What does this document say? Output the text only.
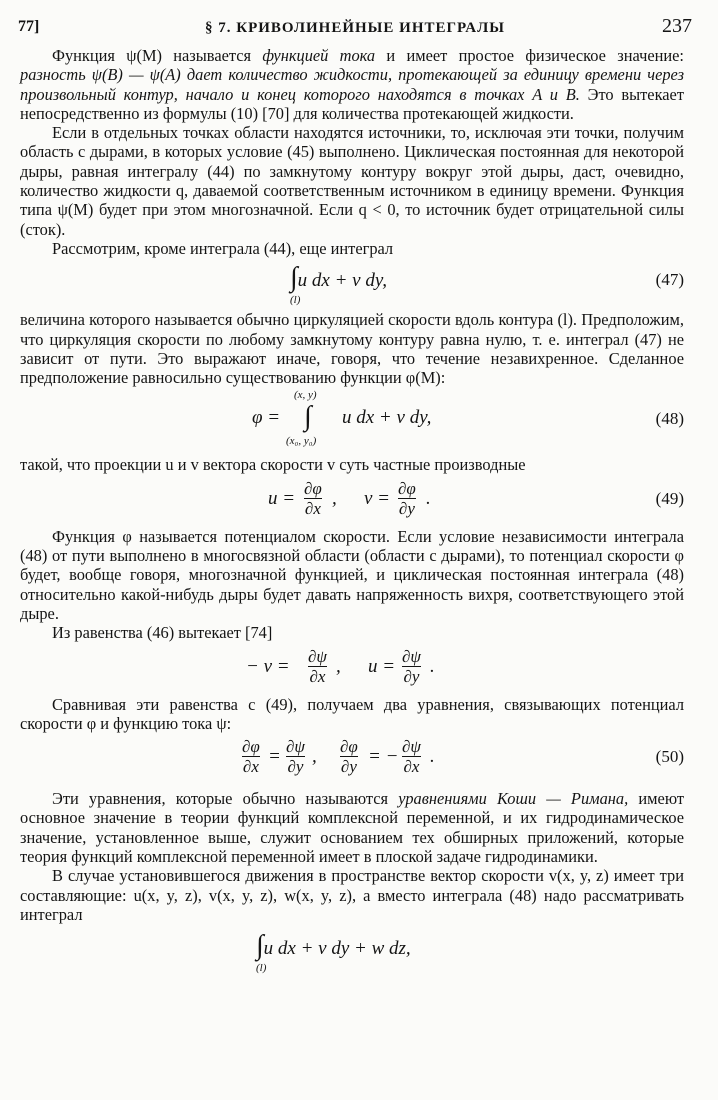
77]	§ 7. КРИВОЛИНЕЙНЫЕ ИНТЕГРАЛЫ	237

Функция ψ(M) называется функцией тока и имеет простое физическое значение: разность ψ(B) — ψ(A) дает количество жидкости, протекающей за единицу времени через произвольный контур, начало и конец которого находятся в точках A и B. Это вытекает непосредственно из формулы (10) [70] для количества протекающей жидкости.

Если в отдельных точках области находятся источники, то, исключая эти точки, получим область с дырами, в которых условие (45) выполнено. Циклическая постоянная для некоторой дыры, равная интегралу (44) по замкнутому контуру вокруг этой дыры, даст, очевидно, количество жидкости q, даваемой соответственным источником в единицу времени. Функция типа ψ(M) будет при этом многозначной. Если q < 0, то источник будет отрицательной силы (сток).

Рассмотрим, кроме интеграла (44), еще интеграл

∫u dx + v dy,
(l)
(47)

величина которого называется обычно циркуляцией скорости вдоль контура (l). Предположим, что циркуляция скорости по любому замкнутому контуру равна нулю, т. е. интеграл (47) не зависит от пути. Это выражают иначе, говоря, что течение незавихренное. Сделанное предположение равносильно существованию функции φ(M):

φ =
(x, y)
∫
(x₀, y₀)
u dx + v dy,	(48)

такой, что проекции u и v вектора скорости v суть частные производные

$u = \frac{\partial\varphi}{\partial x}$ , $v = \frac{\partial\varphi}{\partial y}$ .	(49)

Функция φ называется потенциалом скорости. Если условие независимости интеграла (48) от пути выполнено в многосвязной области (области с дырами), то потенциал скорости φ будет, вообще говоря, многозначной функцией, и циклическая постоянная интеграла (48) относительно какой-нибудь дыры будет давать напряженность вихря, соответствующего этой дыре.

Из равенства (46) вытекает [74]

− $v = \frac{\partial\psi}{\partial x}$ , $u = \frac{\partial\psi}{\partial y}$ .

Сравнивая эти равенства с (49), получаем два уравнения, связывающих потенциал скорости φ и функцию тока ψ:

$\frac{\partial\varphi}{\partial x} = \frac{\partial\psi}{\partial y}$ , $\frac{\partial\varphi}{\partial y}$ = − $\frac{\partial\psi}{\partial x}$ .	(50)

Эти уравнения, которые обычно называются уравнениями Коши — Римана, имеют основное значение в теории функций комплексной переменной, и их гидродинамическое значение, установленное выше, служит основанием тех обширных приложений, которые теория функций комплексной переменной имеет в плоской задаче гидродинамики.

В случае установившегося движения в пространстве вектор скорости v(x, y, z) имеет три составляющие: u(x, y, z), v(x, y, z), w(x, y, z), а вместо интеграла (48) надо рассматривать интеграл

∫u dx + v dy + w dz,
(l)
